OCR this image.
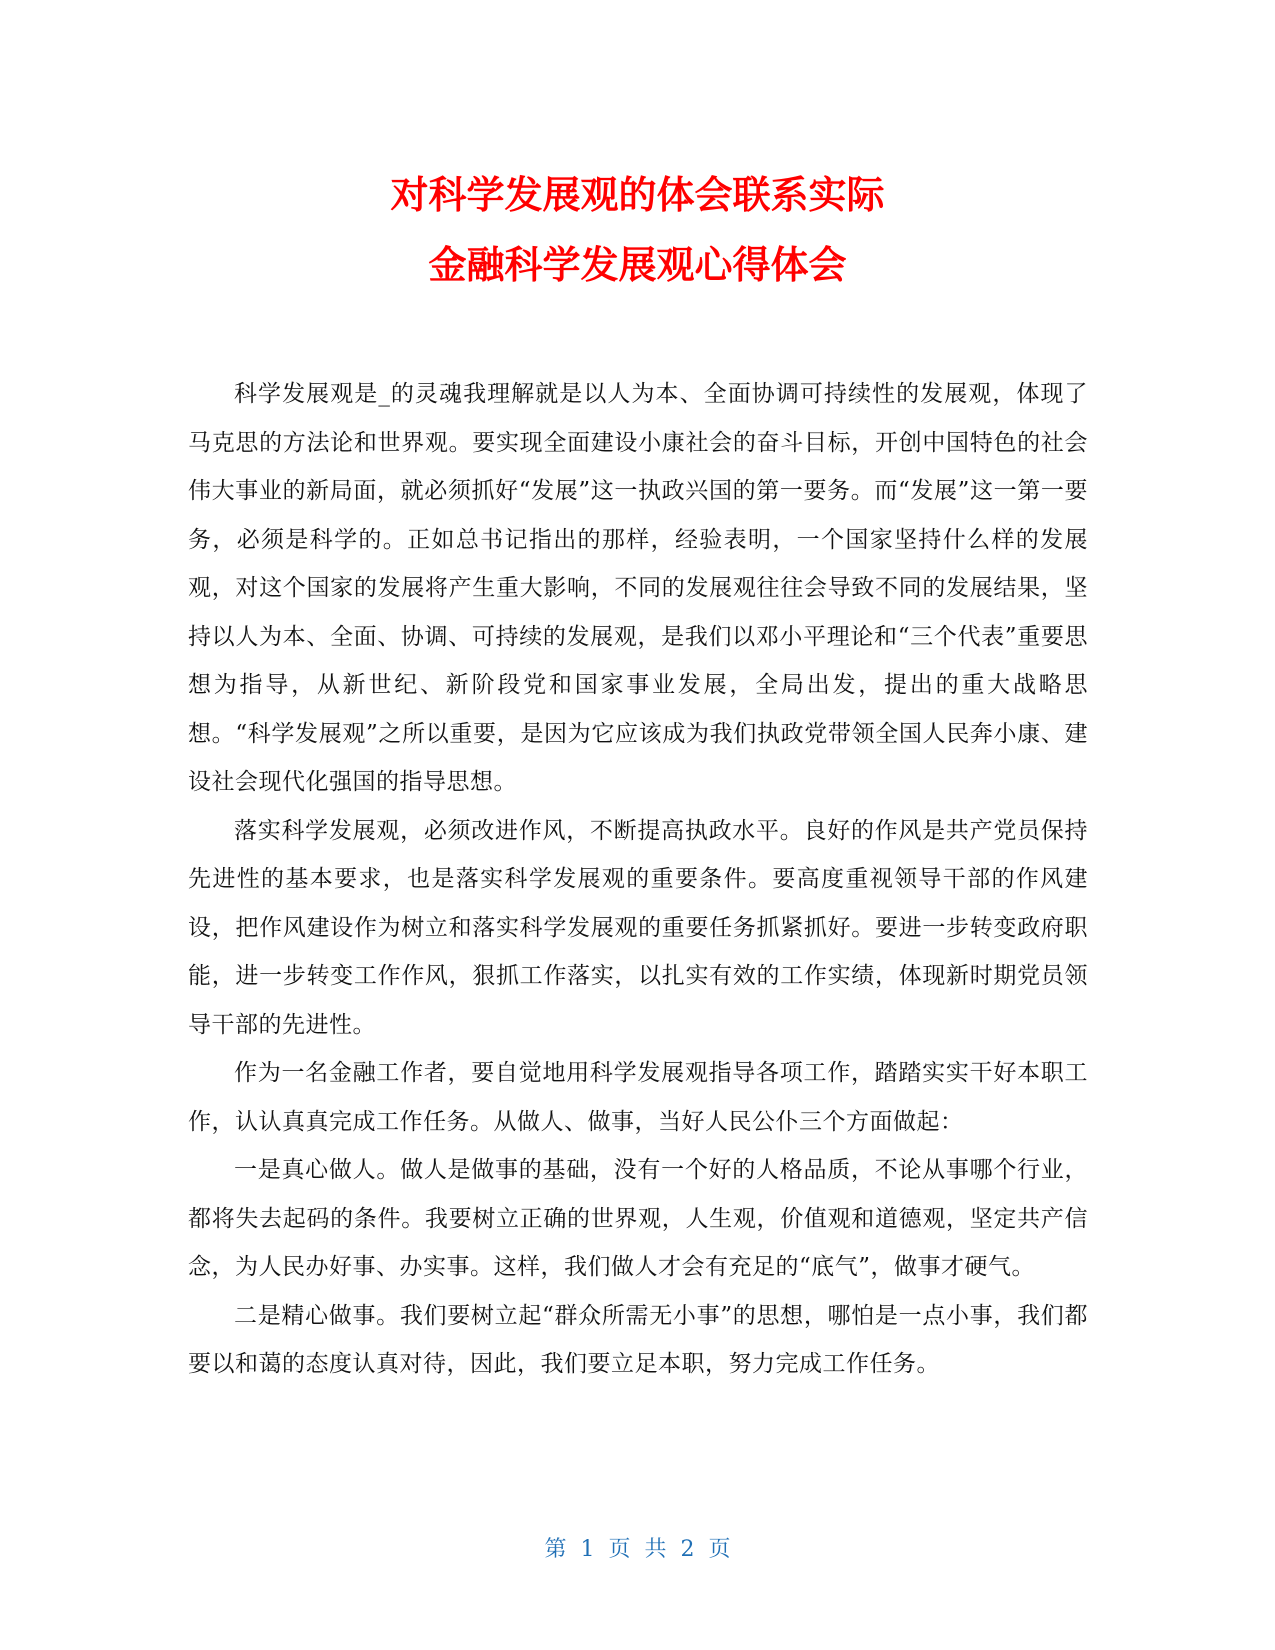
对科学发展观的体会联系实际
金融科学发展观心得体会

科学发展观是_的灵魂我理解就是以人为本、全面协调可持续性的发展观，体现了马克思的方法论和世界观。要实现全面建设小康社会的奋斗目标，开创中国特色的社会伟大事业的新局面，就必须抓好“发展”这一执政兴国的第一要务。而“发展”这一第一要务，必须是科学的。正如总书记指出的那样，经验表明，一个国家坚持什么样的发展观，对这个国家的发展将产生重大影响，不同的发展观往往会导致不同的发展结果，坚持以人为本、全面、协调、可持续的发展观，是我们以邓小平理论和“三个代表”重要思想为指导，从新世纪、新阶段党和国家事业发展，全局出发，提出的重大战略思想。“科学发展观”之所以重要，是因为它应该成为我们执政党带领全国人民奔小康、建设社会现代化强国的指导思想。

落实科学发展观，必须改进作风，不断提高执政水平。良好的作风是共产党员保持先进性的基本要求，也是落实科学发展观的重要条件。要高度重视领导干部的作风建设，把作风建设作为树立和落实科学发展观的重要任务抓紧抓好。要进一步转变政府职能，进一步转变工作作风，狠抓工作落实，以扎实有效的工作实绩，体现新时期党员领导干部的先进性。

作为一名金融工作者，要自觉地用科学发展观指导各项工作，踏踏实实干好本职工作，认认真真完成工作任务。从做人、做事，当好人民公仆三个方面做起：

一是真心做人。做人是做事的基础，没有一个好的人格品质，不论从事哪个行业，都将失去起码的条件。我要树立正确的世界观，人生观，价值观和道德观，坚定共产信念，为人民办好事、办实事。这样，我们做人才会有充足的“底气”，做事才硬气。

二是精心做事。我们要树立起“群众所需无小事”的思想，哪怕是一点小事，我们都要以和蔼的态度认真对待，因此，我们要立足本职，努力完成工作任务。

第  1  页  共  2  页
